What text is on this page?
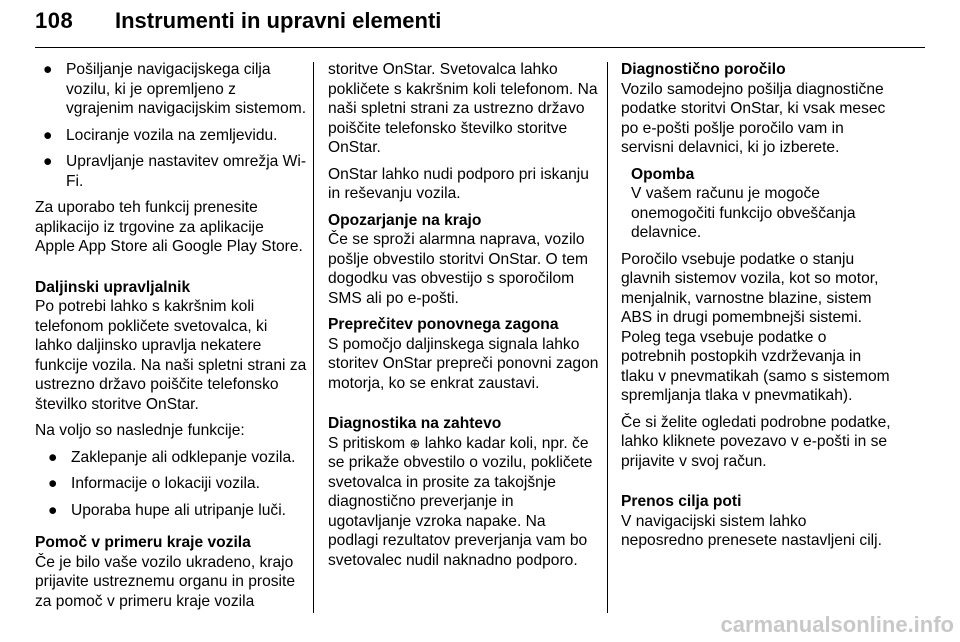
108 Instrumenti in upravni elementi
● Pošiljanje navigacijskega cilja vozilu, ki je opremljeno z vgrajenim navigacijskim sistemom.
● Lociranje vozila na zemljevidu.
● Upravljanje nastavitev omrežja Wi-Fi.

Za uporabo teh funkcij prenesite aplikacijo iz trgovine za aplikacije Apple App Store ali Google Play Store.

Daljinski upravljalnik

Po potrebi lahko s kakršnim koli telefonom pokličete svetovalca, ki lahko daljinsko upravlja nekatere funkcije vozila. Na naši spletni strani za ustrezno državo poiščite telefonsko številko storitve OnStar.

Na voljo so naslednje funkcije:

● Zaklepanje ali odklepanje vozila.
● Informacije o lokaciji vozila.
● Uporaba hupe ali utripanje luči.

Pomoč v primeru kraje vozila

Če je bilo vaše vozilo ukradeno, krajo prijavite ustreznemu organu in prosite za pomoč v primeru kraje vozila

storitve OnStar. Svetovalca lahko pokličete s kakršnim koli telefonom. Na naši spletni strani za ustrezno državo poiščite telefonsko številko storitve OnStar.

OnStar lahko nudi podporo pri iskanju in reševanju vozila.

Opozarjanje na krajo

Če se sproži alarmna naprava, vozilo pošlje obvestilo storitvi OnStar. O tem dogodku vas obvestijo s sporočilom SMS ali po e-pošti.

Preprečitev ponovnega zagona

S pomočjo daljinskega signala lahko storitev OnStar prepreči ponovni zagon motorja, ko se enkrat zaustavi.

Diagnostika na zahtevo

S pritiskom ⊕ lahko kadar koli, npr. če se prikaže obvestilo o vozilu, pokličete svetovalca in prosite za takojšnje diagnostično preverjanje in ugotavljanje vzroka napake. Na podlagi rezultatov preverjanja vam bo svetovalec nudil naknadno podporo.

Diagnostično poročilo

Vozilo samodejno pošilja diagnostične podatke storitvi OnStar, ki vsak mesec po e-pošti pošlje poročilo vam in servisni delavnici, ki jo izberete.

Opomba

V vašem računu je mogoče onemogočiti funkcijo obveščanja delavnice.

Poročilo vsebuje podatke o stanju glavnih sistemov vozila, kot so motor, menjalnik, varnostne blazine, sistem ABS in drugi pomembnejši sistemi. Poleg tega vsebuje podatke o potrebnih postopkih vzdrževanja in tlaku v pnevmatikah (samo s sistemom spremljanja tlaka v pnevmatikah).

Če si želite ogledati podrobne podatke, lahko kliknete povezavo v e-pošti in se prijavite v svoj račun.

Prenos cilja poti

V navigacijski sistem lahko neposredno prenesete nastavljeni cilj.

carmanualsonline.info
